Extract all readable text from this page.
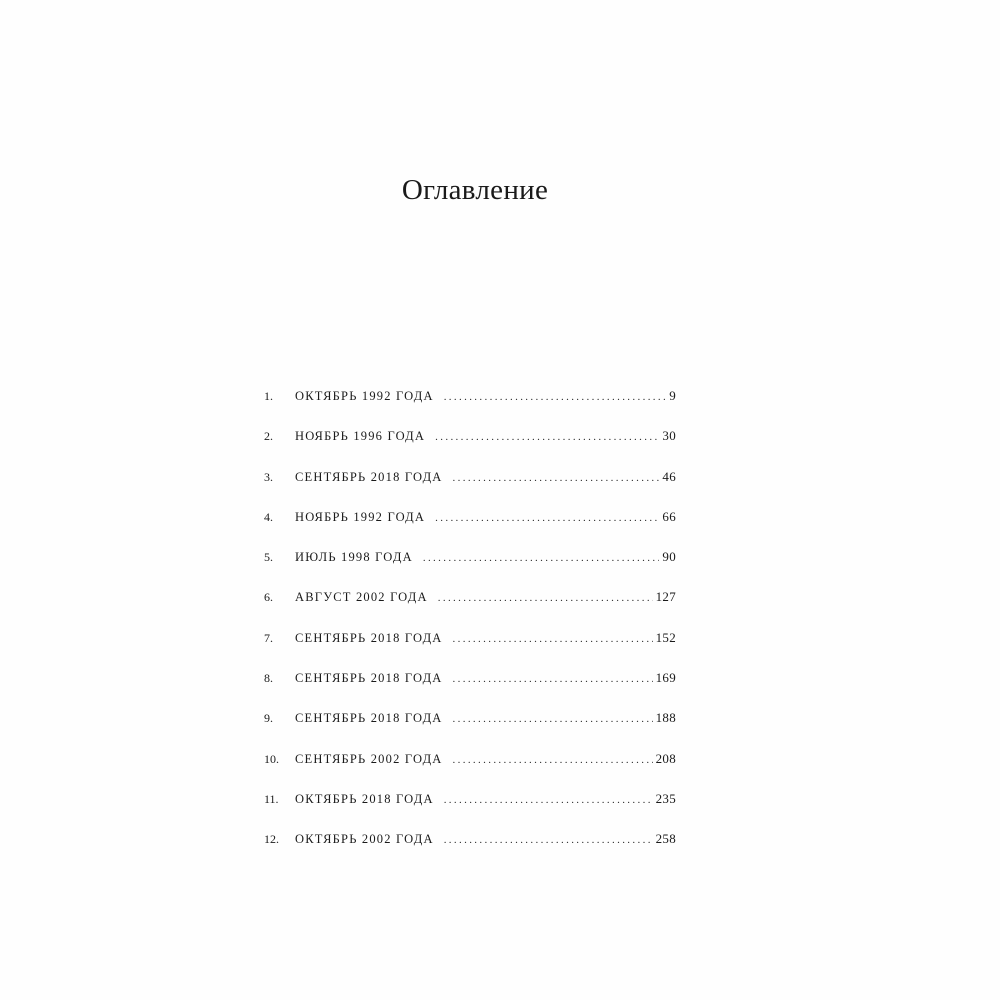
Оглавление
1.	ОКТЯБРЬ 1992 ГОДА . . .	9
2.	НОЯБРЬ 1996 ГОДА . . .	30
3.	СЕНТЯБРЬ 2018 ГОДА . . .	46
4.	НОЯБРЬ 1992 ГОДА . . .	66
5.	ИЮЛЬ 1998 ГОДА . . .	90
6.	АВГУСТ 2002 ГОДА . . .	127
7.	СЕНТЯБРЬ 2018 ГОДА . . .	152
8.	СЕНТЯБРЬ 2018 ГОДА . . .	169
9.	СЕНТЯБРЬ 2018 ГОДА . . .	188
10.	СЕНТЯБРЬ 2002 ГОДА . . .	208
11.	ОКТЯБРЬ 2018 ГОДА . . .	235
12.	ОКТЯБРЬ 2002 ГОДА . . .	258
